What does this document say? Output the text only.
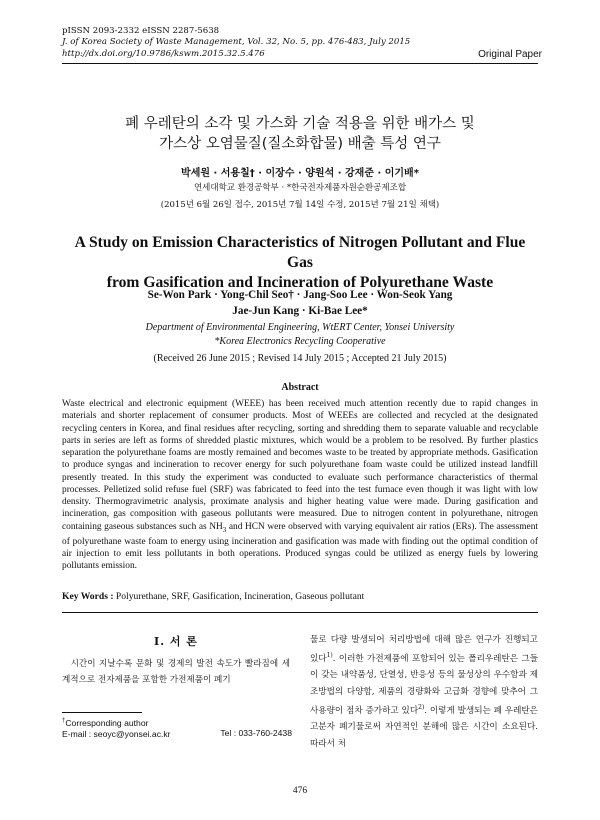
pISSN 2093-2332 eISSN 2287-5638
J. of Korea Society of Waste Management, Vol. 32, No. 5, pp. 476-483, July 2015
http://dx.doi.org/10.9786/kswm.2015.32.5.476	Original Paper
폐 우레탄의 소각 및 가스화 기술 적용을 위한 배가스 및
가스상 오염물질(질소화합물) 배출 특성 연구
박세원 · 서용칠† · 이장수 · 양원석 · 강재준 · 이기배*
연세대학교 환경공학부 · *한국전자제품자원순환공제조합
(2015년 6월 26일 접수, 2015년 7월 14일 수정, 2015년 7월 21일 채택)
A Study on Emission Characteristics of Nitrogen Pollutant and Flue Gas
from Gasification and Incineration of Polyurethane Waste
Se-Won Park · Yong-Chil Seo† · Jang-Soo Lee · Won-Seok Yang
Jae-Jun Kang · Ki-Bae Lee*
Department of Environmental Engineering, WtERT Center, Yonsei University
*Korea Electronics Recycling Cooperative
(Received 26 June 2015 ; Revised 14 July 2015 ; Accepted 21 July 2015)
Abstract
Waste electrical and electronic equipment (WEEE) has been received much attention recently due to rapid changes in materials and shorter replacement of consumer products. Most of WEEEs are collected and recycled at the designated recycling centers in Korea, and final residues after recycling, sorting and shredding them to separate valuable and recyclable parts in series are left as forms of shredded plastic mixtures, which would be a problem to be resolved. By further plastics separation the polyurethane foams are mostly remained and becomes waste to be treated by appropriate methods. Gasification to produce syngas and incineration to recover energy for such polyurethane foam waste could be utilized instead landfill presently treated. In this study the experiment was conducted to evaluate such performance characteristics of thermal processes. Pelletized solid refuse fuel (SRF) was fabricated to feed into the test furnace even though it was light with low density. Thermogravimetric analysis, proximate analysis and higher heating value were made. During gasification and incineration, gas composition with gaseous pollutants were measured. Due to nitrogen content in polyurethane, nitrogen containing gaseous substances such as $NH_3$ and HCN were observed with varying equivalent air ratios (ERs). The assessment of polyurethane waste foam to energy using incineration and gasification was made with finding out the optimal condition of air injection to emit less pollutants in both operations. Produced syngas could be utilized as energy fuels by lowering pollutants emission.
Key Words : Polyurethane, SRF, Gasification, Incineration, Gaseous pollutant
I. 서 론
시간이 지날수록 문화 및 경제의 발전 속도가 빨라짐에 세계적으로 전자제품을 포함한 가전제품이 폐기
†Corresponding author
E-mail : seoyc@yonsei.ac.kr	Tel : 033-760-2438
물로 다량 발생되어 처리방법에 대해 많은 연구가 진행되고 있다$^{1)}$. 이러한 가전제품에 포함되어 있는 폴리우레탄은 그들이 갖는 내약품성, 단열성, 반응성 등의 물성상의 우수함과 제조방법의 다양함, 제품의 경량화와 고급화 경향에 맞추어 그 사용량이 점차 증가하고 있다$^{2)}$. 이렇게 발생되는 폐 우레탄은 고분자 폐기물로써 자연적인 분해에 많은 시간이 소요된다. 따라서 처
476
